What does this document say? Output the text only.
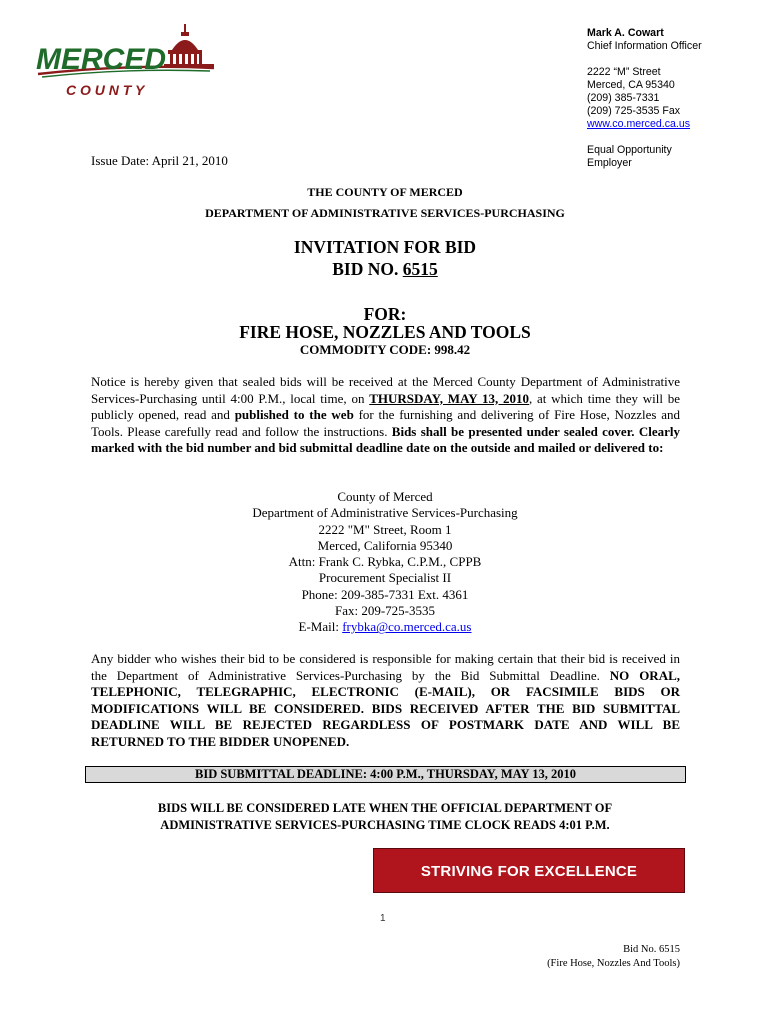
MERCED
C O U N T Y
Mark A. Cowart
Chief Information Officer
2222 “M” Street
Merced, CA 95340
(209) 385-7331
(209) 725-3535 Fax
www.co.merced.ca.us
Equal Opportunity
Employer
Issue Date: April 21, 2010
THE COUNTY OF MERCED
DEPARTMENT OF ADMINISTRATIVE SERVICES-PURCHASING
INVITATION FOR BID
BID NO. 6515
FOR:
FIRE HOSE, NOZZLES AND TOOLS
COMMODITY CODE: 998.42
Notice is hereby given that sealed bids will be received at the Merced County Department of Administrative Services-Purchasing until 4:00 P.M., local time, on THURSDAY, MAY 13, 2010, at which time they will be publicly opened, read and published to the web for the furnishing and delivering of Fire Hose, Nozzles and Tools. Please carefully read and follow the instructions. Bids shall be presented under sealed cover. Clearly marked with the bid number and bid submittal deadline date on the outside and mailed or delivered to:
County of Merced
Department of Administrative Services-Purchasing
2222 "M" Street, Room 1
Merced, California 95340
Attn: Frank C. Rybka, C.P.M., CPPB
Procurement Specialist II
Phone: 209-385-7331 Ext. 4361
Fax: 209-725-3535
E-Mail: frybka@co.merced.ca.us
Any bidder who wishes their bid to be considered is responsible for making certain that their bid is received in the Department of Administrative Services-Purchasing by the Bid Submittal Deadline. NO ORAL, TELEPHONIC, TELEGRAPHIC, ELECTRONIC (E-MAIL), OR FACSIMILE BIDS OR MODIFICATIONS WILL BE CONSIDERED. BIDS RECEIVED AFTER THE BID SUBMITTAL DEADLINE WILL BE REJECTED REGARDLESS OF POSTMARK DATE AND WILL BE RETURNED TO THE BIDDER UNOPENED.
BID SUBMITTAL DEADLINE: 4:00 P.M., THURSDAY, MAY 13, 2010
BIDS WILL BE CONSIDERED LATE WHEN THE OFFICIAL DEPARTMENT OF
ADMINISTRATIVE SERVICES-PURCHASING TIME CLOCK READS 4:01 P.M.
STRIVING FOR EXCELLENCE
1
Bid No. 6515
(Fire Hose, Nozzles And Tools)
